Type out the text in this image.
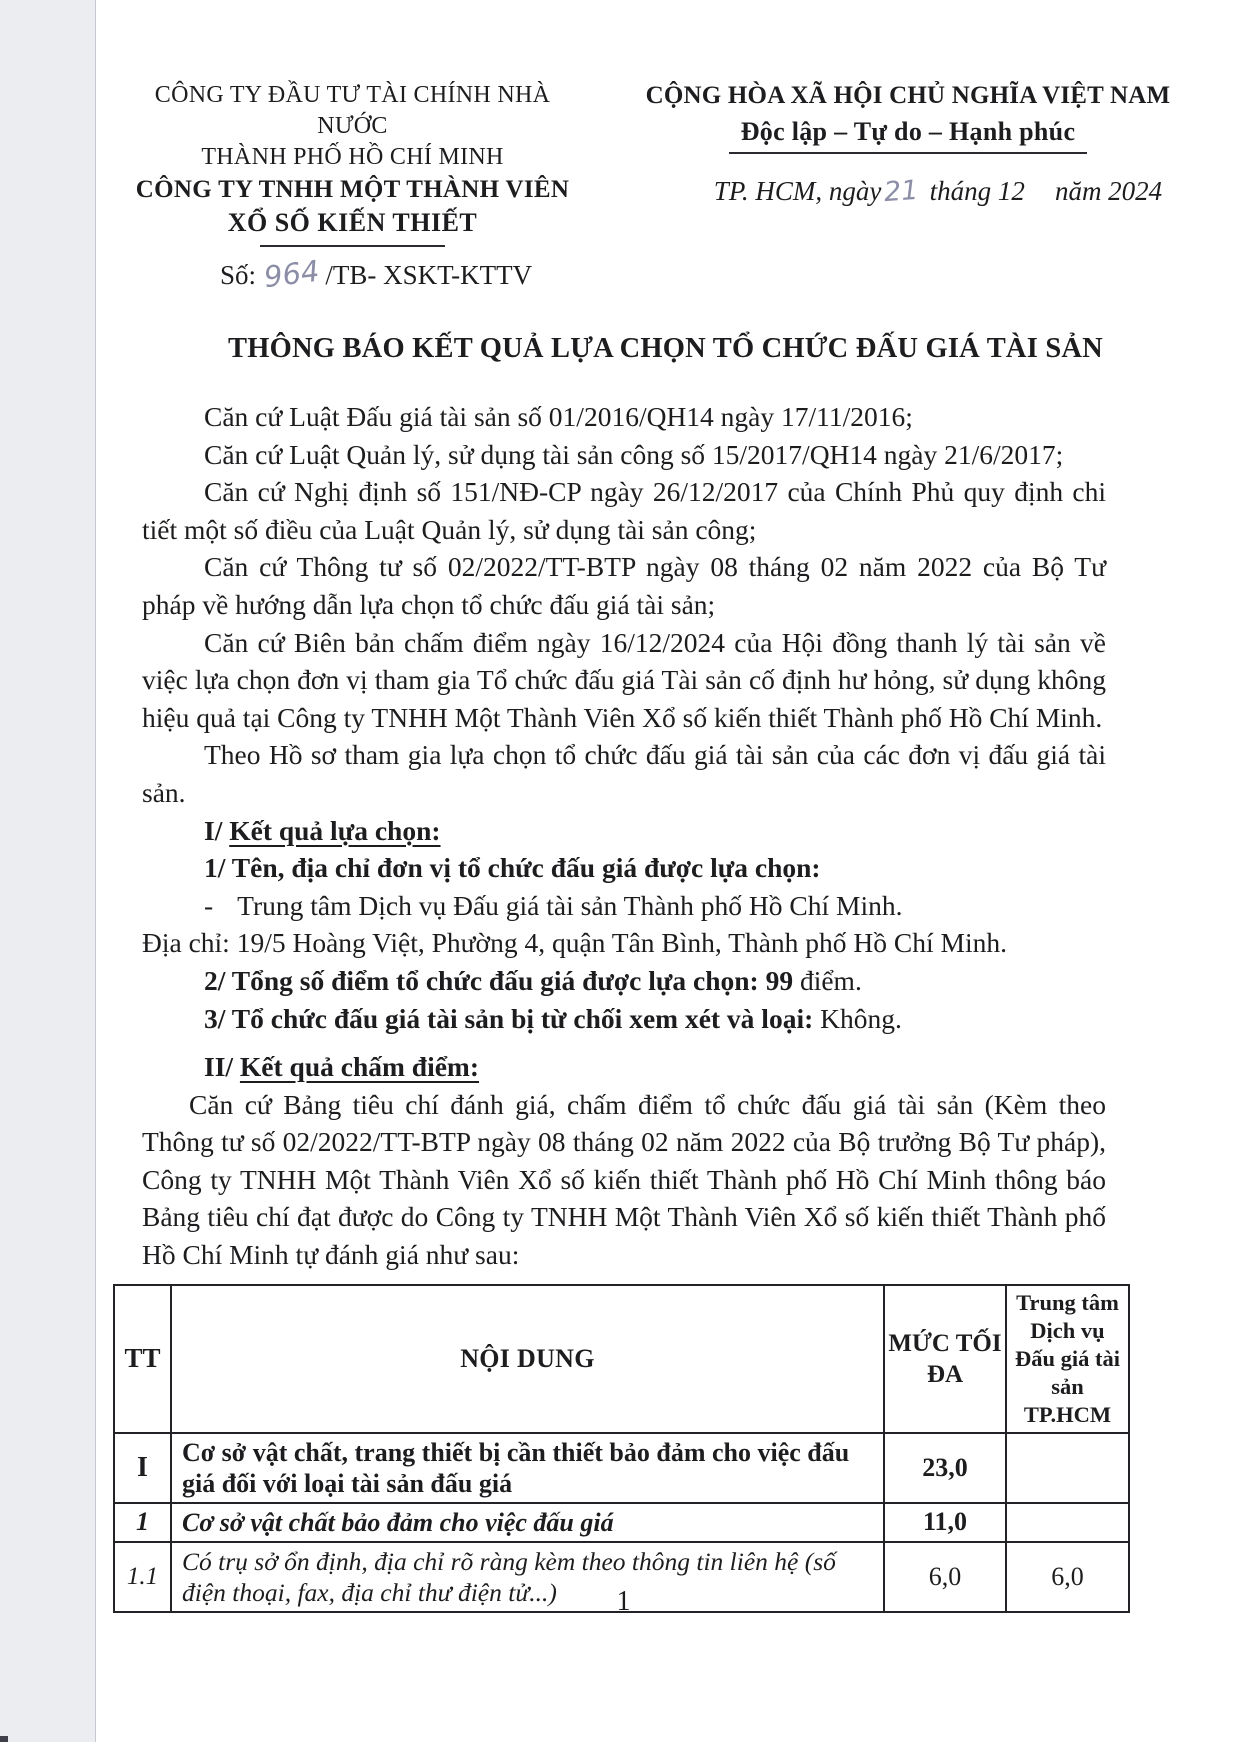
CÔNG TY ĐẦU TƯ TÀI CHÍNH NHÀ NƯỚC
THÀNH PHỐ HỒ CHÍ MINH
CÔNG TY TNHH MỘT THÀNH VIÊN
XỔ SỐ KIẾN THIẾT
Số: 964 /TB- XSKT-KTTV
CỘNG HÒA XÃ HỘI CHỦ NGHĨA VIỆT NAM
Độc lập – Tự do – Hạnh phúc
TP. HCM, ngày21 tháng 12 năm 2024
THÔNG BÁO KẾT QUẢ LỰA CHỌN TỔ CHỨC ĐẤU GIÁ TÀI SẢN

Căn cứ Luật Đấu giá tài sản số 01/2016/QH14 ngày 17/11/2016;

Căn cứ Luật Quản lý, sử dụng tài sản công số 15/2017/QH14 ngày 21/6/2017;

Căn cứ Nghị định số 151/NĐ-CP ngày 26/12/2017 của Chính Phủ quy định chi tiết một số điều của Luật Quản lý, sử dụng tài sản công;

Căn cứ Thông tư số 02/2022/TT-BTP ngày 08 tháng 02 năm 2022 của Bộ Tư pháp về hướng dẫn lựa chọn tổ chức đấu giá tài sản;

Căn cứ Biên bản chấm điểm ngày 16/12/2024 của Hội đồng thanh lý tài sản về việc lựa chọn đơn vị tham gia Tổ chức đấu giá Tài sản cố định hư hỏng, sử dụng không hiệu quả tại Công ty TNHH Một Thành Viên Xổ số kiến thiết Thành phố Hồ Chí Minh.

Theo Hồ sơ tham gia lựa chọn tổ chức đấu giá tài sản của các đơn vị đấu giá tài sản.

I/ Kết quả lựa chọn:

1/ Tên, địa chỉ đơn vị tổ chức đấu giá được lựa chọn:

- Trung tâm Dịch vụ Đấu giá tài sản Thành phố Hồ Chí Minh.

Địa chỉ: 19/5 Hoàng Việt, Phường 4, quận Tân Bình, Thành phố Hồ Chí Minh.

2/ Tổng số điểm tổ chức đấu giá được lựa chọn: 99 điểm.

3/ Tổ chức đấu giá tài sản bị từ chối xem xét và loại: Không.

II/ Kết quả chấm điểm:

Căn cứ Bảng tiêu chí đánh giá, chấm điểm tổ chức đấu giá tài sản (Kèm theo Thông tư số 02/2022/TT-BTP ngày 08 tháng 02 năm 2022 của Bộ trưởng Bộ Tư pháp), Công ty TNHH Một Thành Viên Xổ số kiến thiết Thành phố Hồ Chí Minh thông báo Bảng tiêu chí đạt được do Công ty TNHH Một Thành Viên Xổ số kiến thiết Thành phố Hồ Chí Minh tự đánh giá như sau:

TT	NỘI DUNG	MỨC TỐI ĐA	Trung tâm Dịch vụ Đấu giá tài sản TP.HCM
I	Cơ sở vật chất, trang thiết bị cần thiết bảo đảm cho việc đấu giá đối với loại tài sản đấu giá	23,0	
1	Cơ sở vật chất bảo đảm cho việc đấu giá	11,0	
1.1	Có trụ sở ổn định, địa chỉ rõ ràng kèm theo thông tin liên hệ (số điện thoại, fax, địa chỉ thư điện tử...)	6,0	6,0
1
